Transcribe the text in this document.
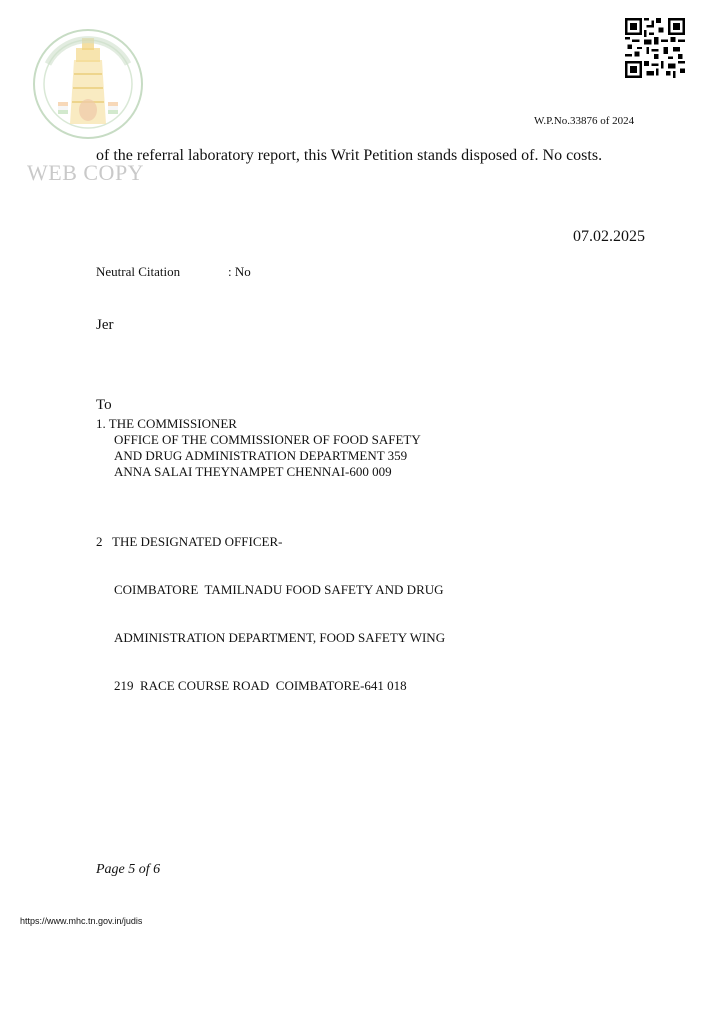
WEB COPY
W.P.No.33876 of 2024
of the referral laboratory report, this Writ Petition stands disposed of. No costs.
07.02.2025
Neutral Citation	: No
Jer
To
1. THE COMMISSIONER
OFFICE OF THE COMMISSIONER OF FOOD SAFETY
AND DRUG ADMINISTRATION DEPARTMENT 359
ANNA SALAI THEYNAMPET CHENNAI-600 009

2   THE DESIGNATED OFFICER-

COIMBATORE  TAMILNADU FOOD SAFETY AND DRUG

ADMINISTRATION DEPARTMENT, FOOD SAFETY WING

219  RACE COURSE ROAD  COIMBATORE-641 018

Page 5 of 6
https://www.mhc.tn.gov.in/judis
